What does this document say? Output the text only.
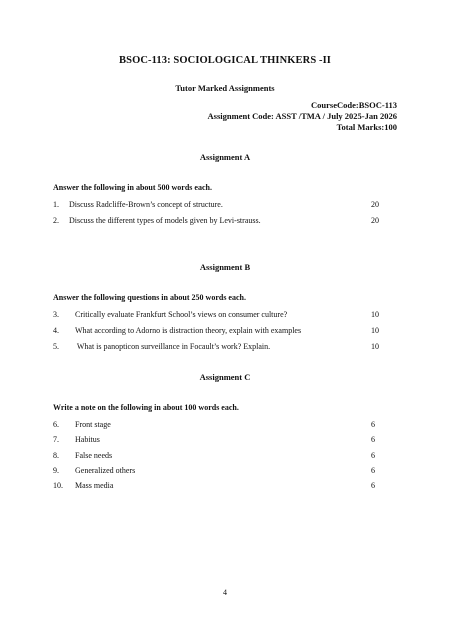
BSOC-113: SOCIOLOGICAL THINKERS -II
Tutor Marked Assignments
CourseCode:BSOC-113
Assignment Code: ASST /TMA / July 2025-Jan 2026
Total Marks:100
Assignment A
Answer the following in about 500 words each.
1. Discuss Radcliffe-Brown’s concept of structure.	20
2. Discuss the different types of models given by Levi-strauss.	20
Assignment B
Answer the following questions in about 250 words each.
3. Critically evaluate Frankfurt School’s views on consumer culture?	10
4. What according to Adorno is distraction theory, explain with examples	10
5. What is panopticon surveillance in Focault’s work? Explain.	10
Assignment C
Write a note on the following in about 100 words each.
6. Front stage	6
7. Habitus	6
8. False needs	6
9. Generalized others	6
10. Mass media	6
4
